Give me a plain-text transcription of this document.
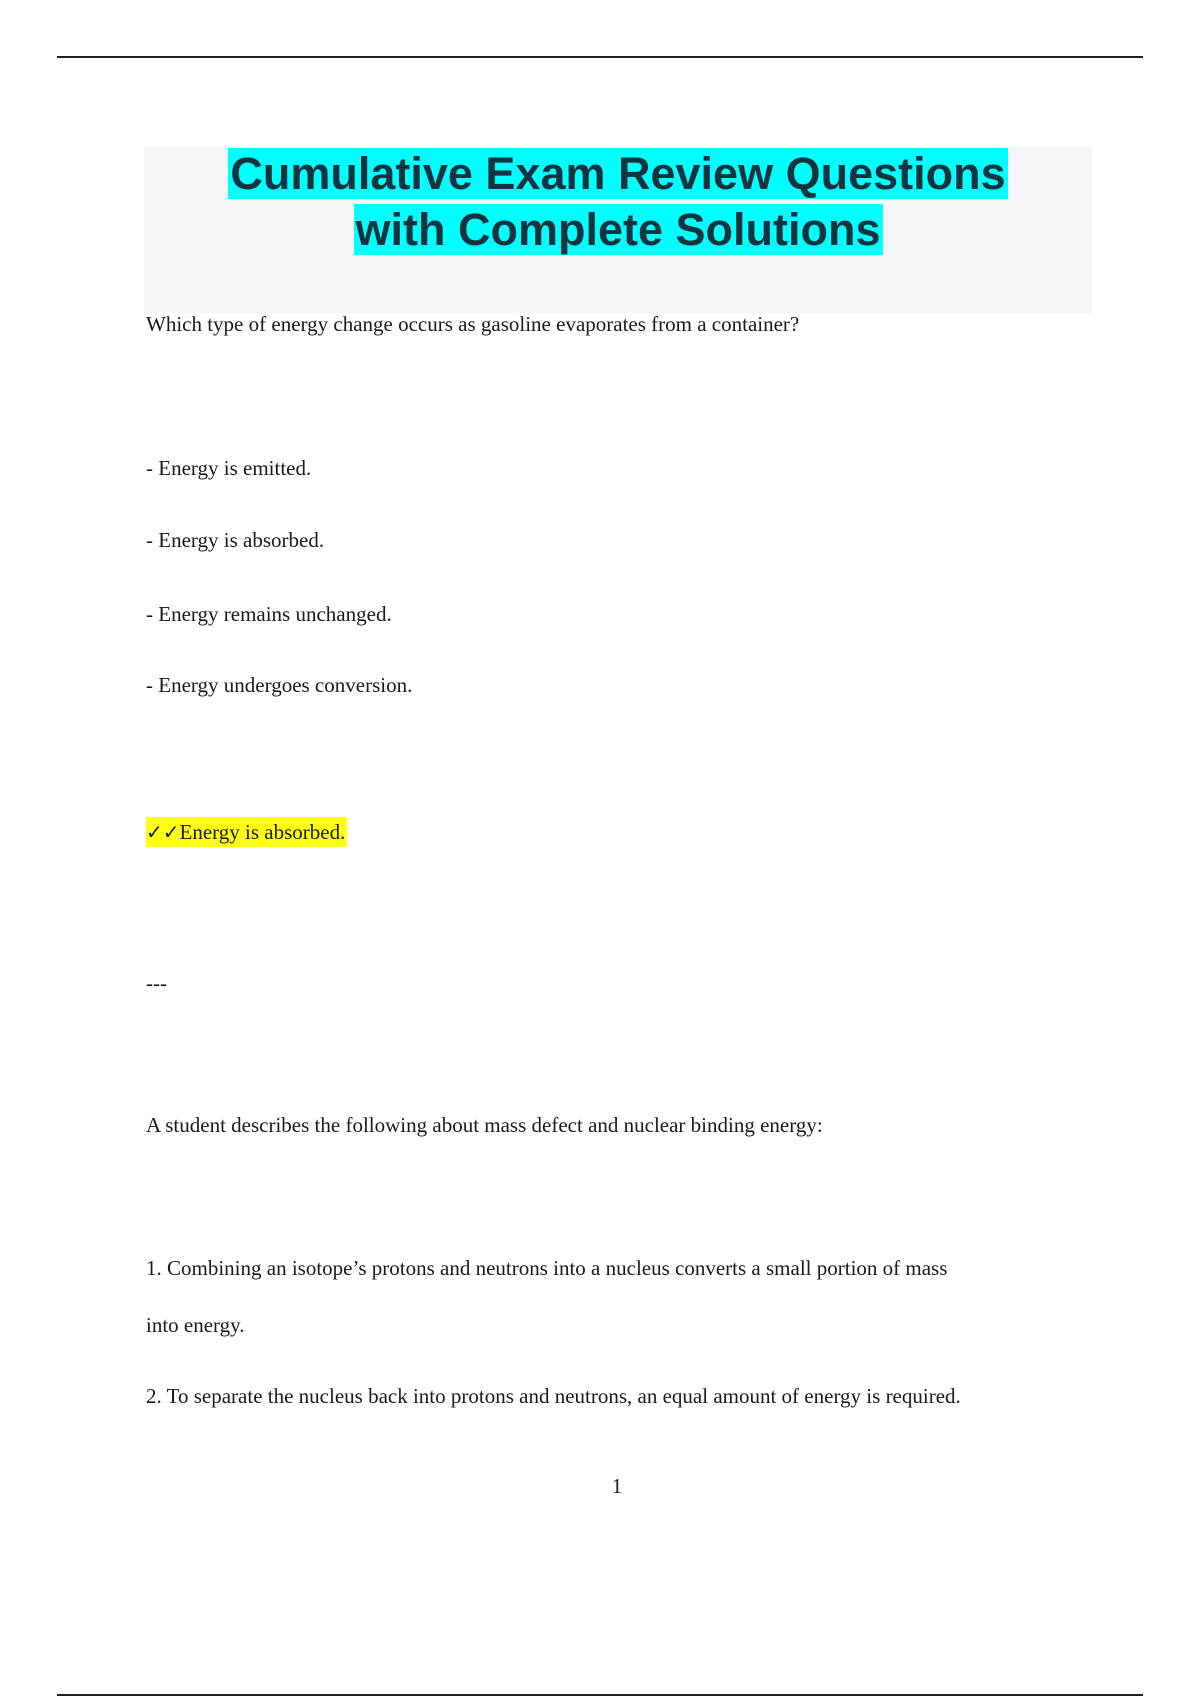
Cumulative Exam Review Questions
with Complete Solutions

Which type of energy change occurs as gasoline evaporates from a container?

- Energy is emitted.

- Energy is absorbed.

- Energy remains unchanged.

- Energy undergoes conversion.

✓✓Energy is absorbed.

---

A student describes the following about mass defect and nuclear binding energy:

1. Combining an isotope’s protons and neutrons into a nucleus converts a small portion of mass

into energy.

2. To separate the nucleus back into protons and neutrons, an equal amount of energy is required.

1
